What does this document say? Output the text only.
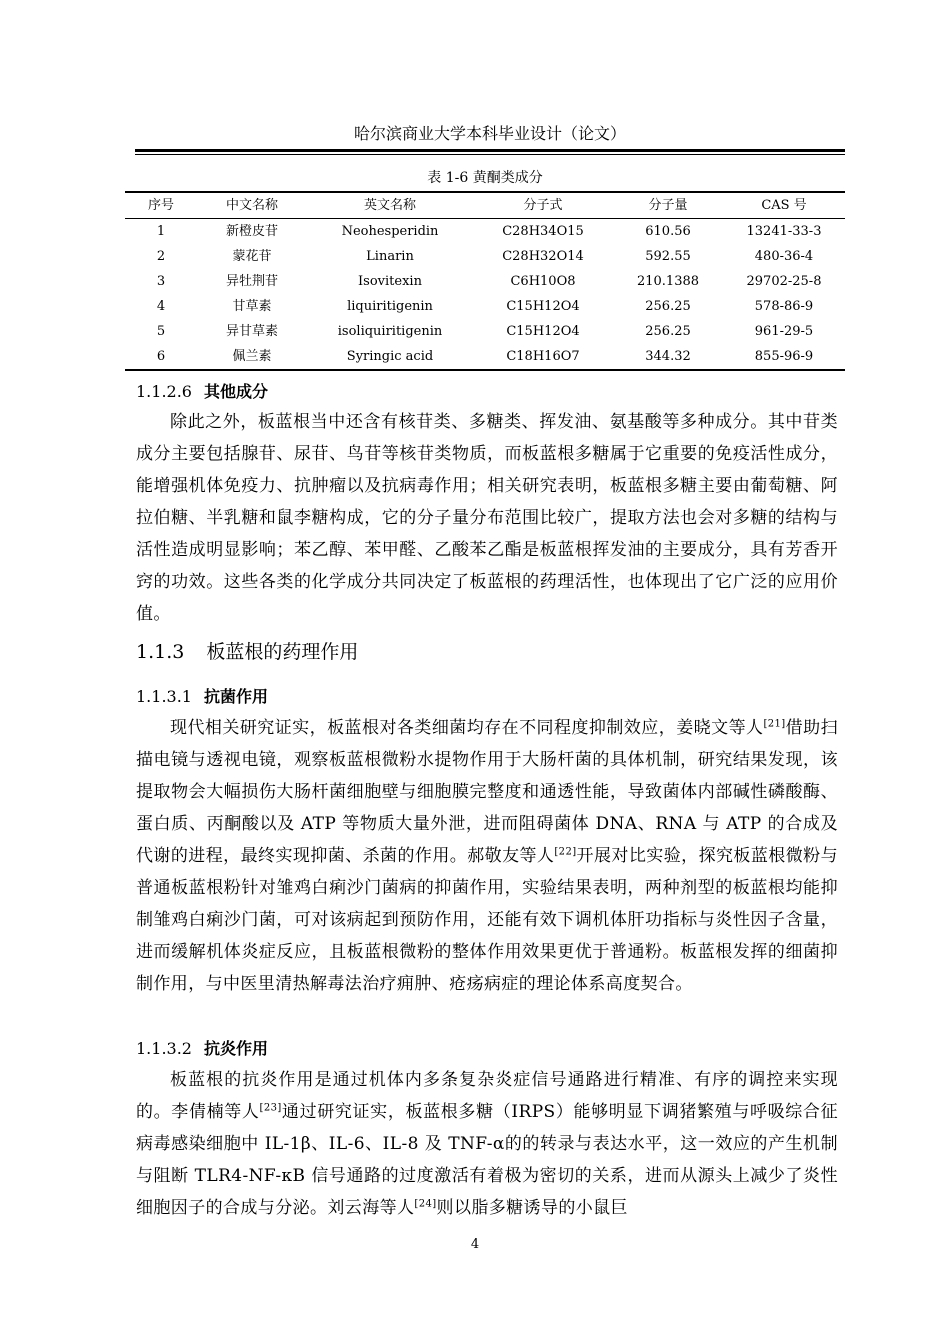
哈尔滨商业大学本科毕业设计（论文）
表 1-6 黄酮类成分
序号	中文名称	英文名称	分子式	分子量	CAS 号
1	新橙皮苷	Neohesperidin	C28H34O15	610.56	13241-33-3
2	蒙花苷	Linarin	C28H32O14	592.55	480-36-4
3	异牡荆苷	Isovitexin	C6H10O8	210.1388	29702-25-8
4	甘草素	liquiritigenin	C15H12O4	256.25	578-86-9
5	异甘草素	isoliquiritigenin	C15H12O4	256.25	961-29-5
6	佩兰素	Syringic acid	C18H16O7	344.32	855-96-9
1.1.2.6 其他成分

除此之外，板蓝根当中还含有核苷类、多糖类、挥发油、氨基酸等多种成分。其中苷类成分主要包括腺苷、尿苷、鸟苷等核苷类物质，而板蓝根多糖属于它重要的免疫活性成分，能增强机体免疫力、抗肿瘤以及抗病毒作用；相关研究表明，板蓝根多糖主要由葡萄糖、阿拉伯糖、半乳糖和鼠李糖构成，它的分子量分布范围比较广，提取方法也会对多糖的结构与活性造成明显影响；苯乙醇、苯甲醛、乙酸苯乙酯是板蓝根挥发油的主要成分，具有芳香开窍的功效。这些各类的化学成分共同决定了板蓝根的药理活性，也体现出了它广泛的应用价值。

1.1.3 板蓝根的药理作用
1.1.3.1 抗菌作用

现代相关研究证实，板蓝根对各类细菌均存在不同程度抑制效应，姜晓文等人[21]借助扫描电镜与透视电镜，观察板蓝根微粉水提物作用于大肠杆菌的具体机制，研究结果发现，该提取物会大幅损伤大肠杆菌细胞壁与细胞膜完整度和通透性能，导致菌体内部碱性磷酸酶、蛋白质、丙酮酸以及 ATP 等物质大量外泄，进而阻碍菌体 DNA、RNA 与 ATP 的合成及代谢的进程，最终实现抑菌、杀菌的作用。郝敬友等人[22]开展对比实验，探究板蓝根微粉与普通板蓝根粉针对雏鸡白痢沙门菌病的抑菌作用，实验结果表明，两种剂型的板蓝根均能抑制雏鸡白痢沙门菌，可对该病起到预防作用，还能有效下调机体肝功指标与炎性因子含量，进而缓解机体炎症反应，且板蓝根微粉的整体作用效果更优于普通粉。板蓝根发挥的细菌抑制作用，与中医里清热解毒法治疗痈肿、疮疡病症的理论体系高度契合。

1.1.3.2 抗炎作用

板蓝根的抗炎作用是通过机体内多条复杂炎症信号通路进行精准、有序的调控来实现的。李倩楠等人[23]通过研究证实，板蓝根多糖（IRPS）能够明显下调猪繁殖与呼吸综合征病毒感染细胞中 IL-1β、IL-6、IL-8 及 TNF-α的的转录与表达水平，这一效应的产生机制与阻断 TLR4-NF-κB 信号通路的过度激活有着极为密切的关系，进而从源头上减少了炎性细胞因子的合成与分泌。刘云海等人[24]则以脂多糖诱导的小鼠巨

4
